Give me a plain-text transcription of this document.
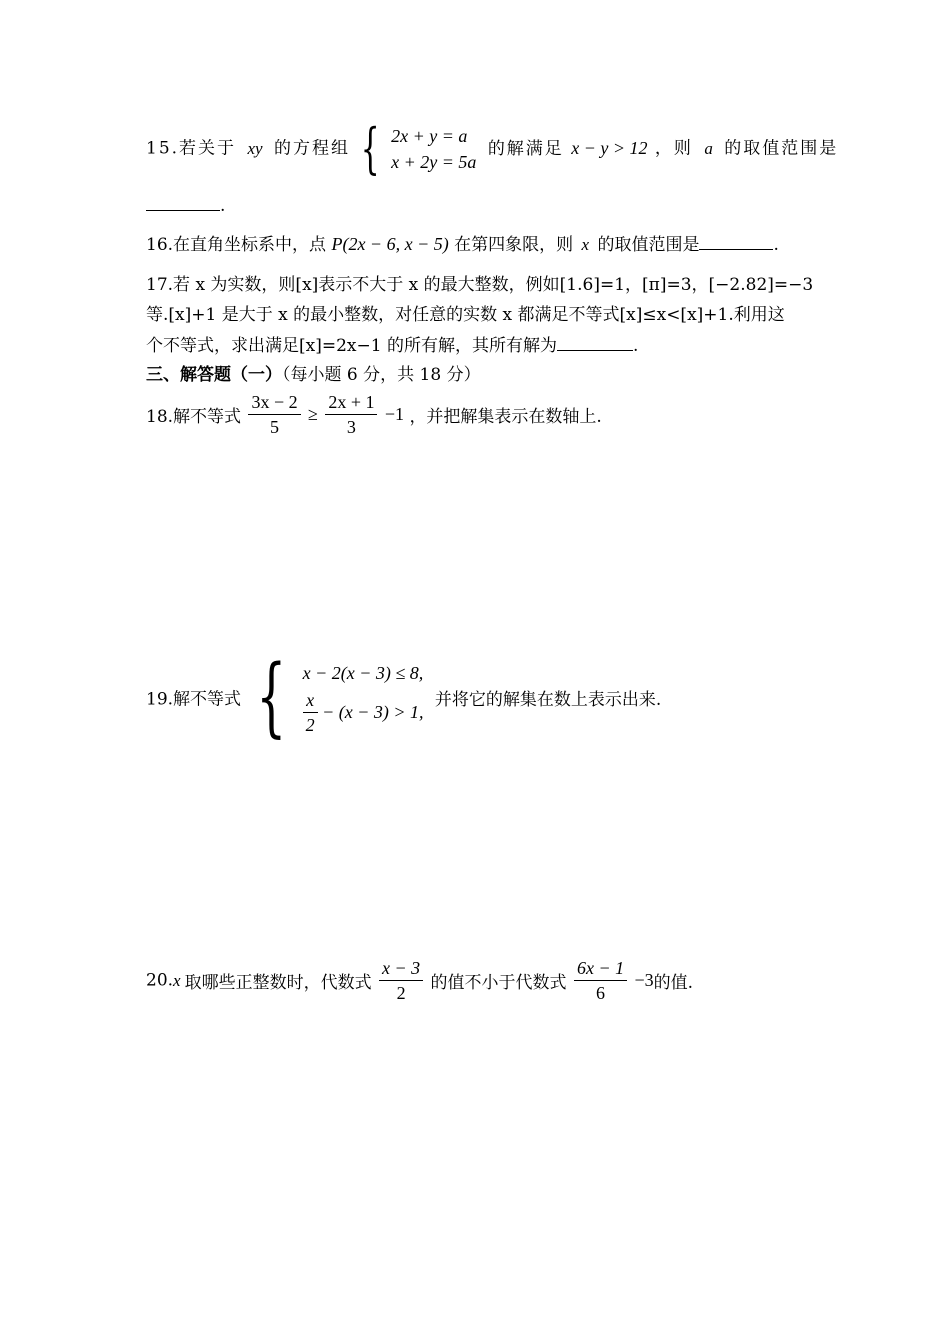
15.若关于 xy 的方程组 { 2x + y = a
x + 2y = 5a
的解满足 x − y > 12 ，则 a 的取值范围是
.
16.在直角坐标系中，点 P(2x − 6, x − 5) 在第四象限，则 x 的取值范围是	.
17.若 x 为实数，则[x]表示不大于 x 的最大整数，例如[1.6]=1，[π]=3，[−2.82]=−3
等.[x]+1 是大于 x 的最小整数，对任意的实数 x 都满足不等式[x]≤x<[x]+1.利用这
个不等式，求出满足[x]=2x−1 的所有解，其所有解为	.
三、解答题（一）（每小题 6 分，共 18 分）
18.解不等式 $\frac{3x - 2}{5} \ge \frac{2x + 1}{3} -1$ ，并把解集表示在数轴上.
19.解不等式 { x − 2(x − 3) ≤ 8,
$\frac{x}{2} - (x - 3) > 1$,
并将它的解集在数上表示出来.
20.x 取哪些正整数时，代数式 $\frac{x - 3}{2}$ 的值不小于代数式 $\frac{6x - 1}{6} -3$的值.
